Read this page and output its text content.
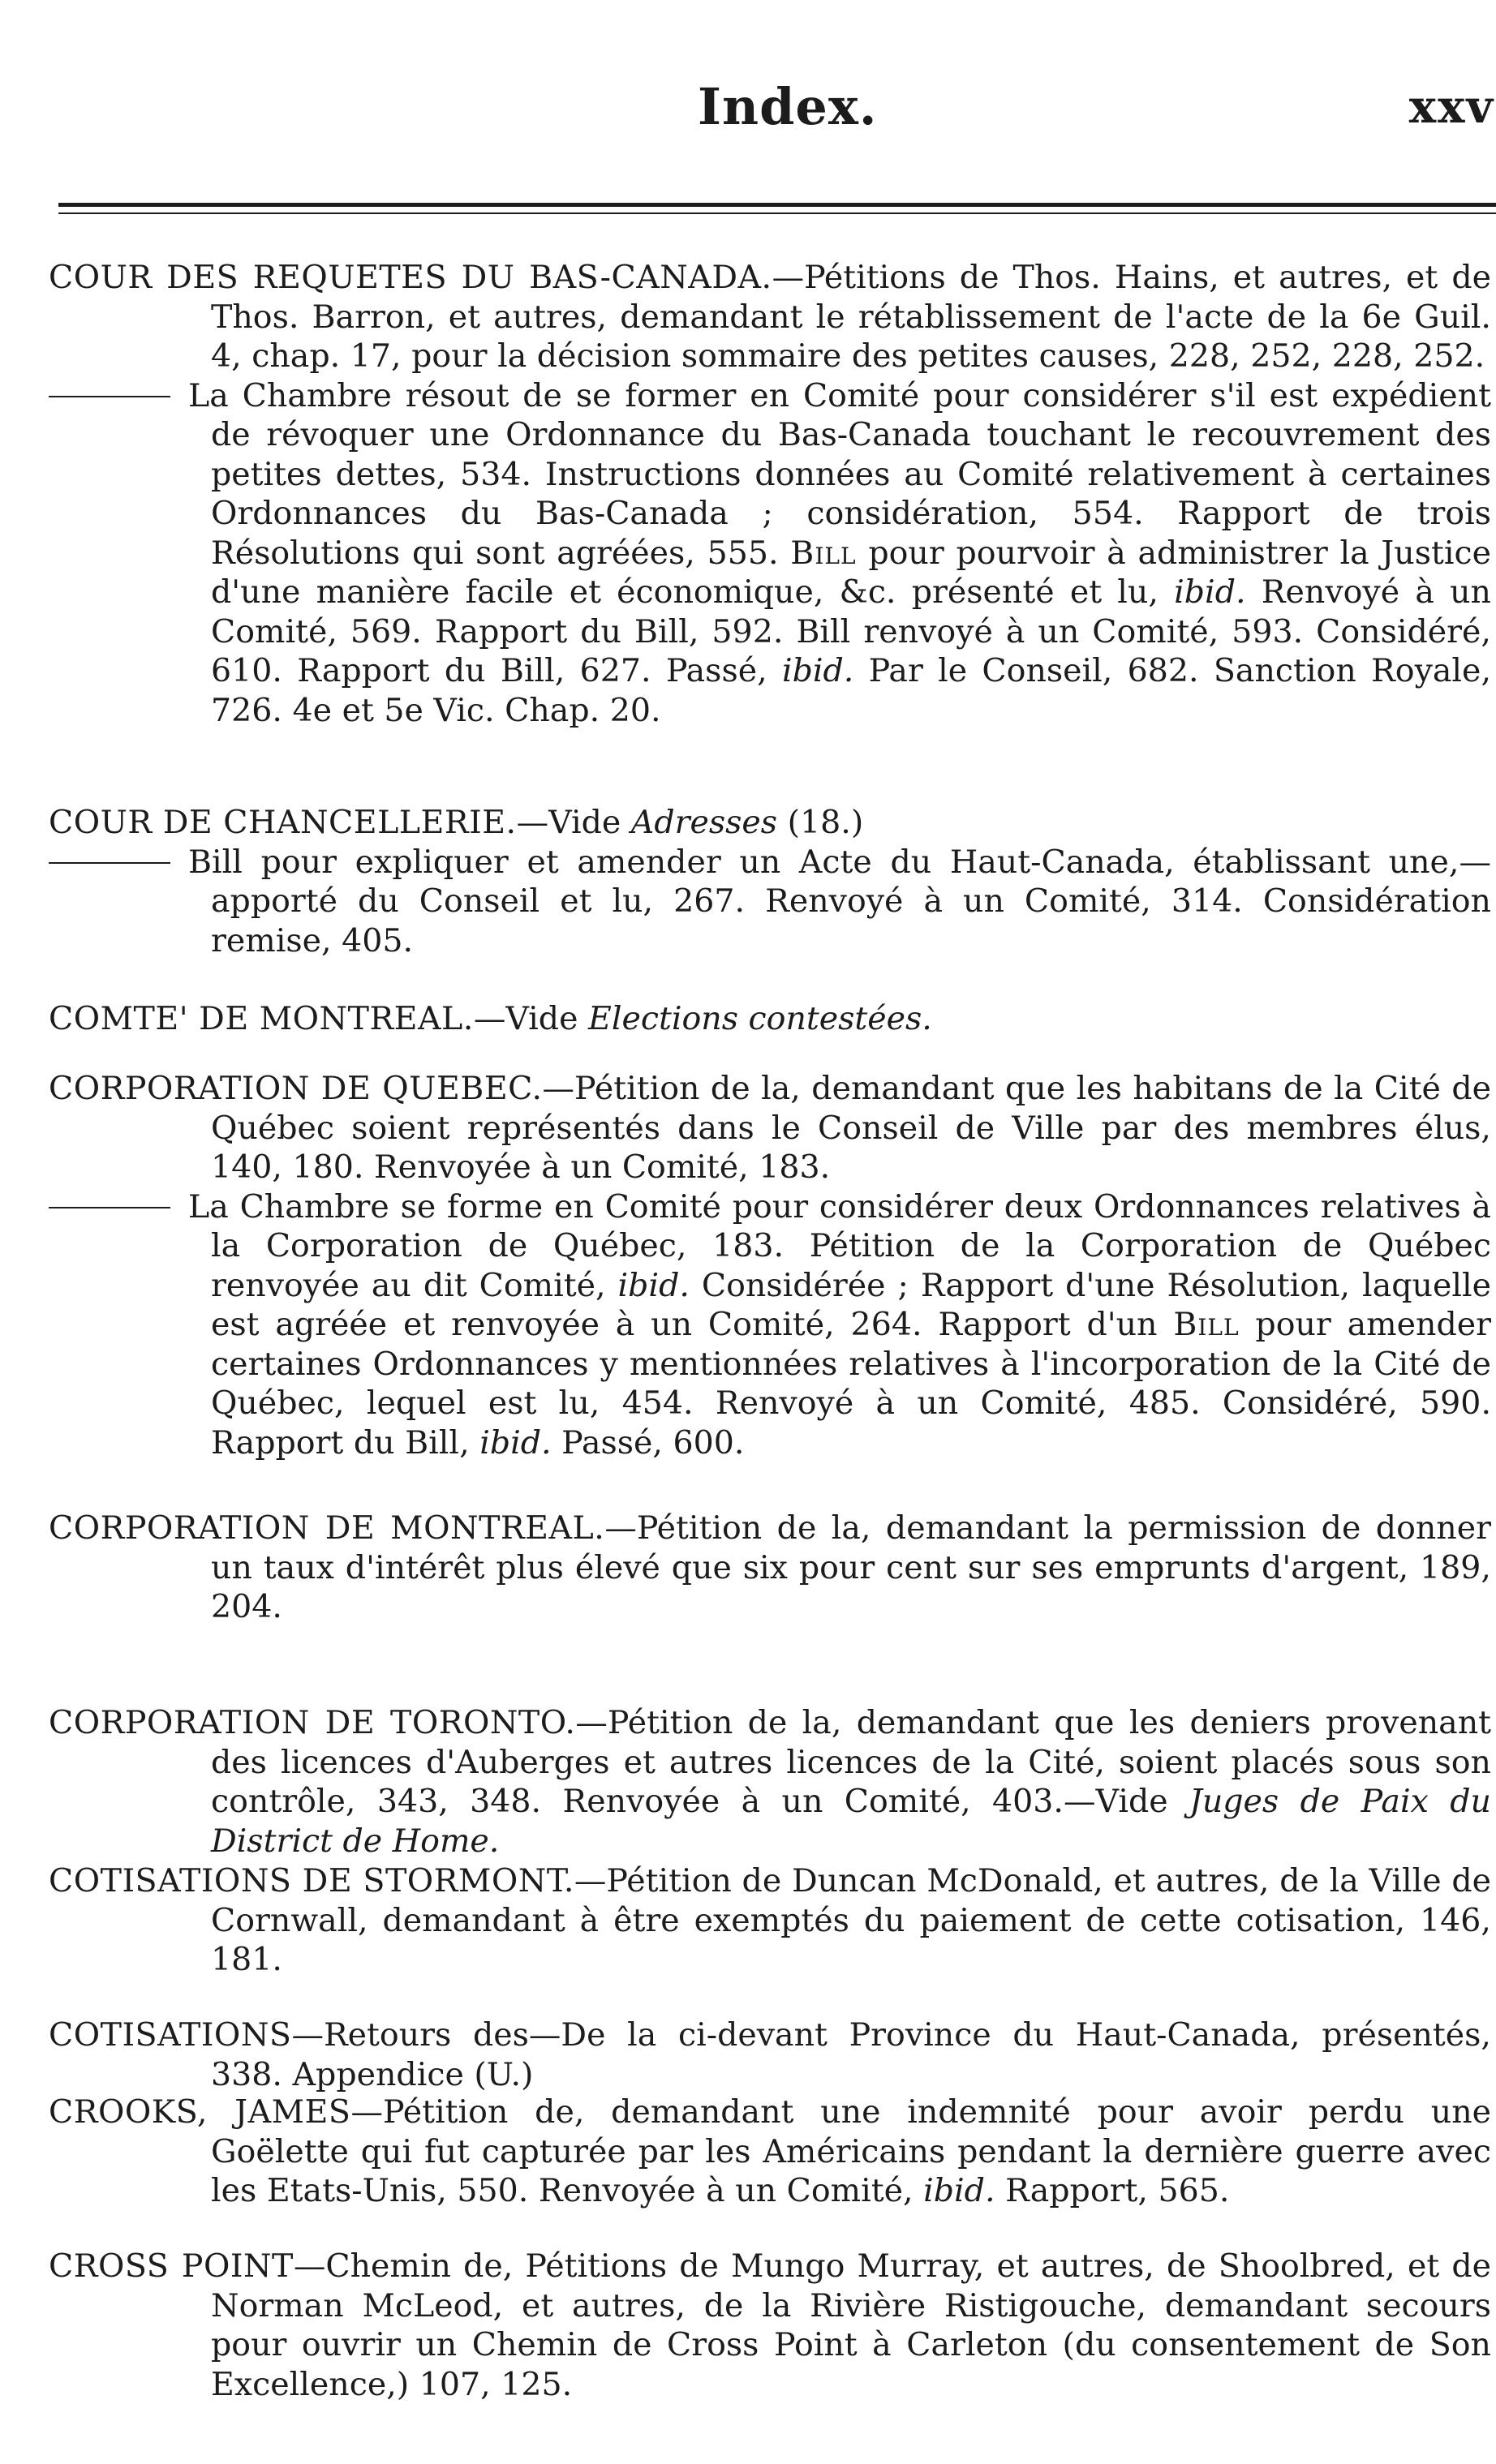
Index.	xxv

COUR DES REQUETES DU BAS-CANADA.—Pétitions de Thos. Hains, et autres, et de Thos. Barron, et autres, demandant le rétablissement de l'acte de la 6e Guil. 4, chap. 17, pour la décision sommaire des petites causes, 228, 252, 228, 252.

La Chambre résout de se former en Comité pour considérer s'il est expédient de révoquer une Ordonnance du Bas-Canada touchant le recouvrement des petites dettes, 534. Instructions données au Comité relativement à certaines Ordonnances du Bas-Canada ; considération, 554. Rapport de trois Résolutions qui sont agréées, 555. Bill pour pourvoir à administrer la Justice d'une manière facile et économique, &c. présenté et lu, ibid. Renvoyé à un Comité, 569. Rapport du Bill, 592. Bill renvoyé à un Comité, 593. Considéré, 610. Rapport du Bill, 627. Passé, ibid. Par le Conseil, 682. Sanction Royale, 726. 4e et 5e Vic. Chap. 20.

COUR DE CHANCELLERIE.—Vide Adresses (18.)

Bill pour expliquer et amender un Acte du Haut-Canada, établissant une,— apporté du Conseil et lu, 267. Renvoyé à un Comité, 314. Considération remise, 405.

COMTE' DE MONTREAL.—Vide Elections contestées.

CORPORATION DE QUEBEC.—Pétition de la, demandant que les habitans de la Cité de Québec soient représentés dans le Conseil de Ville par des membres élus, 140, 180. Renvoyée à un Comité, 183.

La Chambre se forme en Comité pour considérer deux Ordonnances relatives à la Corporation de Québec, 183. Pétition de la Corporation de Québec renvoyée au dit Comité, ibid. Considérée ; Rapport d'une Résolution, laquelle est agréée et renvoyée à un Comité, 264. Rapport d'un Bill pour amender certaines Ordonnances y mentionnées relatives à l'incorporation de la Cité de Québec, lequel est lu, 454. Renvoyé à un Comité, 485. Considéré, 590. Rapport du Bill, ibid. Passé, 600.

CORPORATION DE MONTREAL.—Pétition de la, demandant la permission de donner un taux d'intérêt plus élevé que six pour cent sur ses emprunts d'argent, 189, 204.

CORPORATION DE TORONTO.—Pétition de la, demandant que les deniers provenant des licences d'Auberges et autres licences de la Cité, soient placés sous son contrôle, 343, 348. Renvoyée à un Comité, 403.—Vide Juges de Paix du District de Home.

COTISATIONS DE STORMONT.—Pétition de Duncan McDonald, et autres, de la Ville de Cornwall, demandant à être exemptés du paiement de cette cotisation, 146, 181.

COTISATIONS—Retours des—De la ci-devant Province du Haut-Canada, présentés, 338. Appendice (U.)

CROOKS, JAMES—Pétition de, demandant une indemnité pour avoir perdu une Goëlette qui fut capturée par les Américains pendant la dernière guerre avec les Etats-Unis, 550. Renvoyée à un Comité, ibid. Rapport, 565.

CROSS POINT—Chemin de, Pétitions de Mungo Murray, et autres, de Shoolbred, et de Norman McLeod, et autres, de la Rivière Ristigouche, demandant secours pour ouvrir un Chemin de Cross Point à Carleton (du consentement de Son Excellence,) 107, 125.
